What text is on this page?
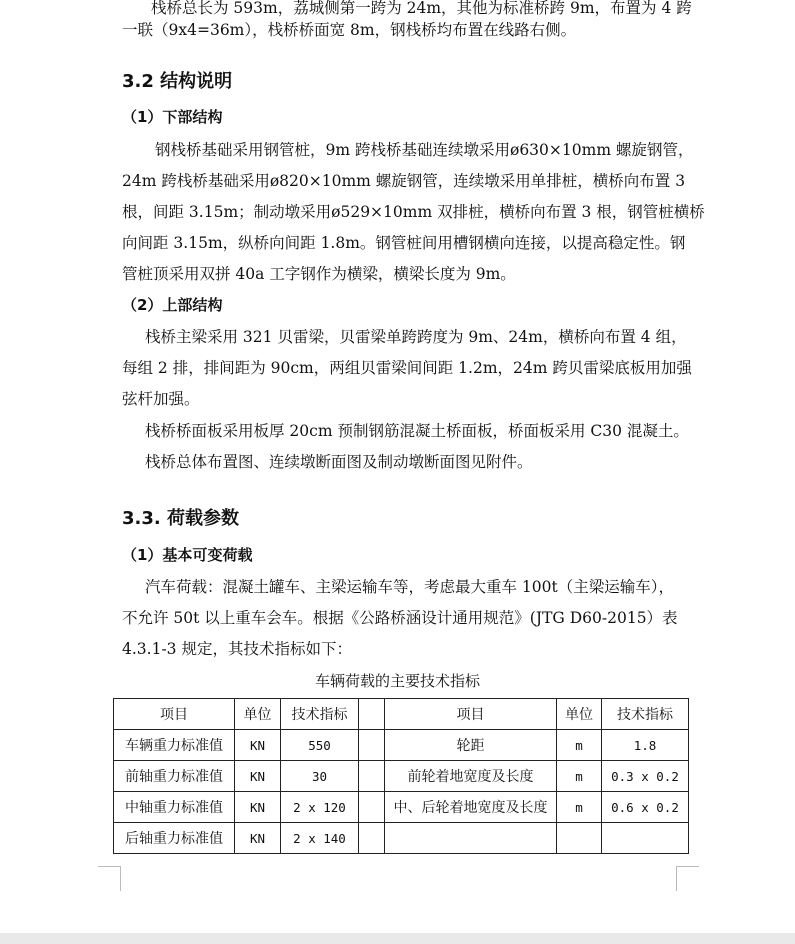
栈桥总长为 593m，荔城侧第一跨为 24m，其他为标准桥跨 9m，布置为 4 跨
一联（9x4=36m），栈桥桥面宽 8m，钢栈桥均布置在线路右侧。
3.2 结构说明
（1）下部结构
钢栈桥基础采用钢管桩，9m 跨栈桥基础连续墩采用ø630×10mm 螺旋钢管，
24m 跨栈桥基础采用ø820×10mm 螺旋钢管，连续墩采用单排桩，横桥向布置 3
根，间距 3.15m；制动墩采用ø529×10mm 双排桩，横桥向布置 3 根，钢管桩横桥
向间距 3.15m，纵桥向间距 1.8m。钢管桩间用槽钢横向连接，以提高稳定性。钢
管桩顶采用双拼 40a 工字钢作为横梁，横梁长度为 9m。
（2）上部结构
栈桥主梁采用 321 贝雷梁，贝雷梁单跨跨度为 9m、24m，横桥向布置 4 组，
每组 2 排，排间距为 90cm，两组贝雷梁间间距 1.2m，24m 跨贝雷梁底板用加强
弦杆加强。
栈桥桥面板采用板厚 20cm 预制钢筋混凝土桥面板，桥面板采用 C30 混凝土。
栈桥总体布置图、连续墩断面图及制动墩断面图见附件。
3.3. 荷载参数
（1）基本可变荷载
汽车荷载：混凝土罐车、主梁运输车等，考虑最大重车 100t（主梁运输车），
不允许 50t 以上重车会车。根据《公路桥涵设计通用规范》(JTG D60-2015）表
4.3.1-3 规定，其技术指标如下：
车辆荷载的主要技术指标
项目	单位	技术指标		项目	单位	技术指标
车辆重力标准值	KN	550		轮距	m	1.8
前轴重力标准值	KN	30		前轮着地宽度及长度	m	0.3 x 0.2
中轴重力标准值	KN	2 x 120		中、后轮着地宽度及长度	m	0.6 x 0.2
后轴重力标准值	KN	2 x 140				
